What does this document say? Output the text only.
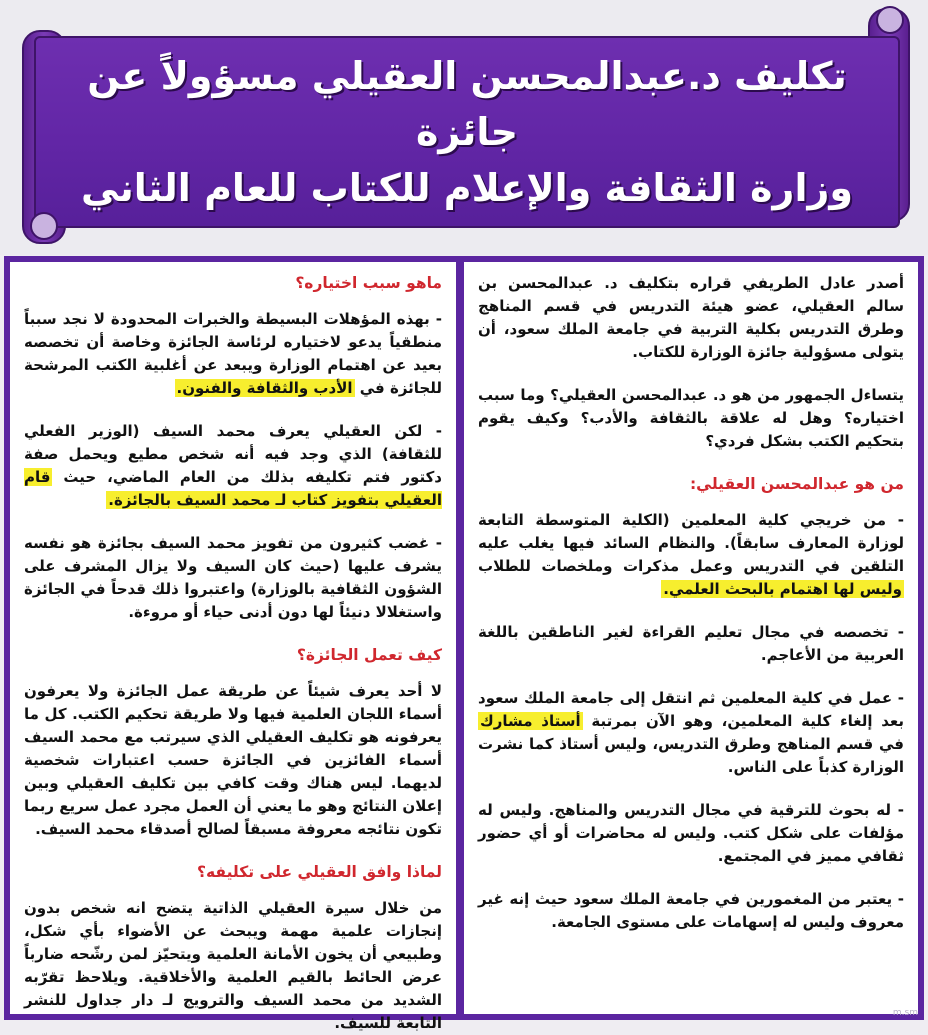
تكليف د.عبدالمحسن العقيلي مسؤولاً عن جائزة
وزارة الثقافة والإعلام للكتاب للعام الثاني

أصدر عادل الطريفي قراره بتكليف د. عبدالمحسن بن سالم العقيلي، عضو هيئة التدريس في قسم المناهج وطرق التدريس بكلية التربية في جامعة الملك سعود، أن يتولى مسؤولية جائزة الوزارة للكتاب.

يتساءل الجمهور من هو د. عبدالمحسن العقيلي؟ وما سبب اختياره؟ وهل له علاقة بالثقافة والأدب؟ وكيف يقوم بتحكيم الكتب بشكل فردي؟

من هو عبدالمحسن العقيلي:

- من خريجي كلية المعلمين (الكلية المتوسطة التابعة لوزارة المعارف سابقاً). والنظام السائد فيها يغلب عليه التلقين في التدريس وعمل مذكرات وملخصات للطلاب وليس لها اهتمام بالبحث العلمي.

- تخصصه في مجال تعليم القراءة لغير الناطقين باللغة العربية من الأعاجم.

- عمل في كلية المعلمين ثم انتقل إلى جامعة الملك سعود بعد إلغاء كلية المعلمين، وهو الآن بمرتبة أستاذ مشارك في قسم المناهج وطرق التدريس، وليس أستاذ كما نشرت الوزارة كذباً على الناس.

- له بحوث للترقية في مجال التدريس والمناهج. وليس له مؤلفات على شكل كتب. وليس له محاضرات أو أي حضور ثقافي مميز في المجتمع.

- يعتبر من المغمورين في جامعة الملك سعود حيث إنه غير معروف وليس له إسهامات على مستوى الجامعة.

ماهو سبب اختياره؟

- بهذه المؤهلات البسيطة والخبرات المحدودة لا نجد سبباً منطقياً يدعو لاختياره لرئاسة الجائزة وخاصة أن تخصصه بعيد عن اهتمام الوزارة ويبعد عن أغلبية الكتب المرشحة للجائزة في الأدب والثقافة والفنون.

- لكن العقيلي يعرف محمد السيف (الوزير الفعلي للثقافة) الذي وجد فيه أنه شخص مطيع ويحمل صفة دكتور فتم تكليفه بذلك من العام الماضي، حيث قام العقيلي بتفويز كتاب لـ محمد السيف بالجائزة.

- غضب كثيرون من تفويز محمد السيف بجائزة هو نفسه يشرف عليها (حيث كان السيف ولا يزال المشرف على الشؤون الثقافية بالوزارة) واعتبروا ذلك قدحاً في الجائزة واستغلالا دنيئاً لها دون أدنى حياء أو مروءة.

كيف تعمل الجائزة؟

لا أحد يعرف شيئاً عن طريقة عمل الجائزة ولا يعرفون أسماء اللجان العلمية فيها ولا طريقة تحكيم الكتب. كل ما يعرفونه هو تكليف العقيلي الذي سيرتب مع محمد السيف أسماء الفائزين في الجائزة حسب اعتبارات شخصية لديهما. ليس هناك وقت كافي بين تكليف العقيلي وبين إعلان النتائج وهو ما يعني أن العمل مجرد عمل سريع ربما تكون نتائجه معروفة مسبقاً لصالح أصدقاء محمد السيف.

لماذا وافق العقيلي على تكليفه؟

من خلال سيرة العقيلي الذاتية يتضح انه شخص بدون إنجازات علمية مهمة ويبحث عن الأضواء بأي شكل، وطبيعي أن يخون الأمانة العلمية ويتحيّز لمن رشّحه ضارباً عرض الحائط بالقيم العلمية والأخلاقية. ويلاحظ تقرّبه الشديد من محمد السيف والترويج لـ دار جداول للنشر التابعة للسيف.

m.sm
